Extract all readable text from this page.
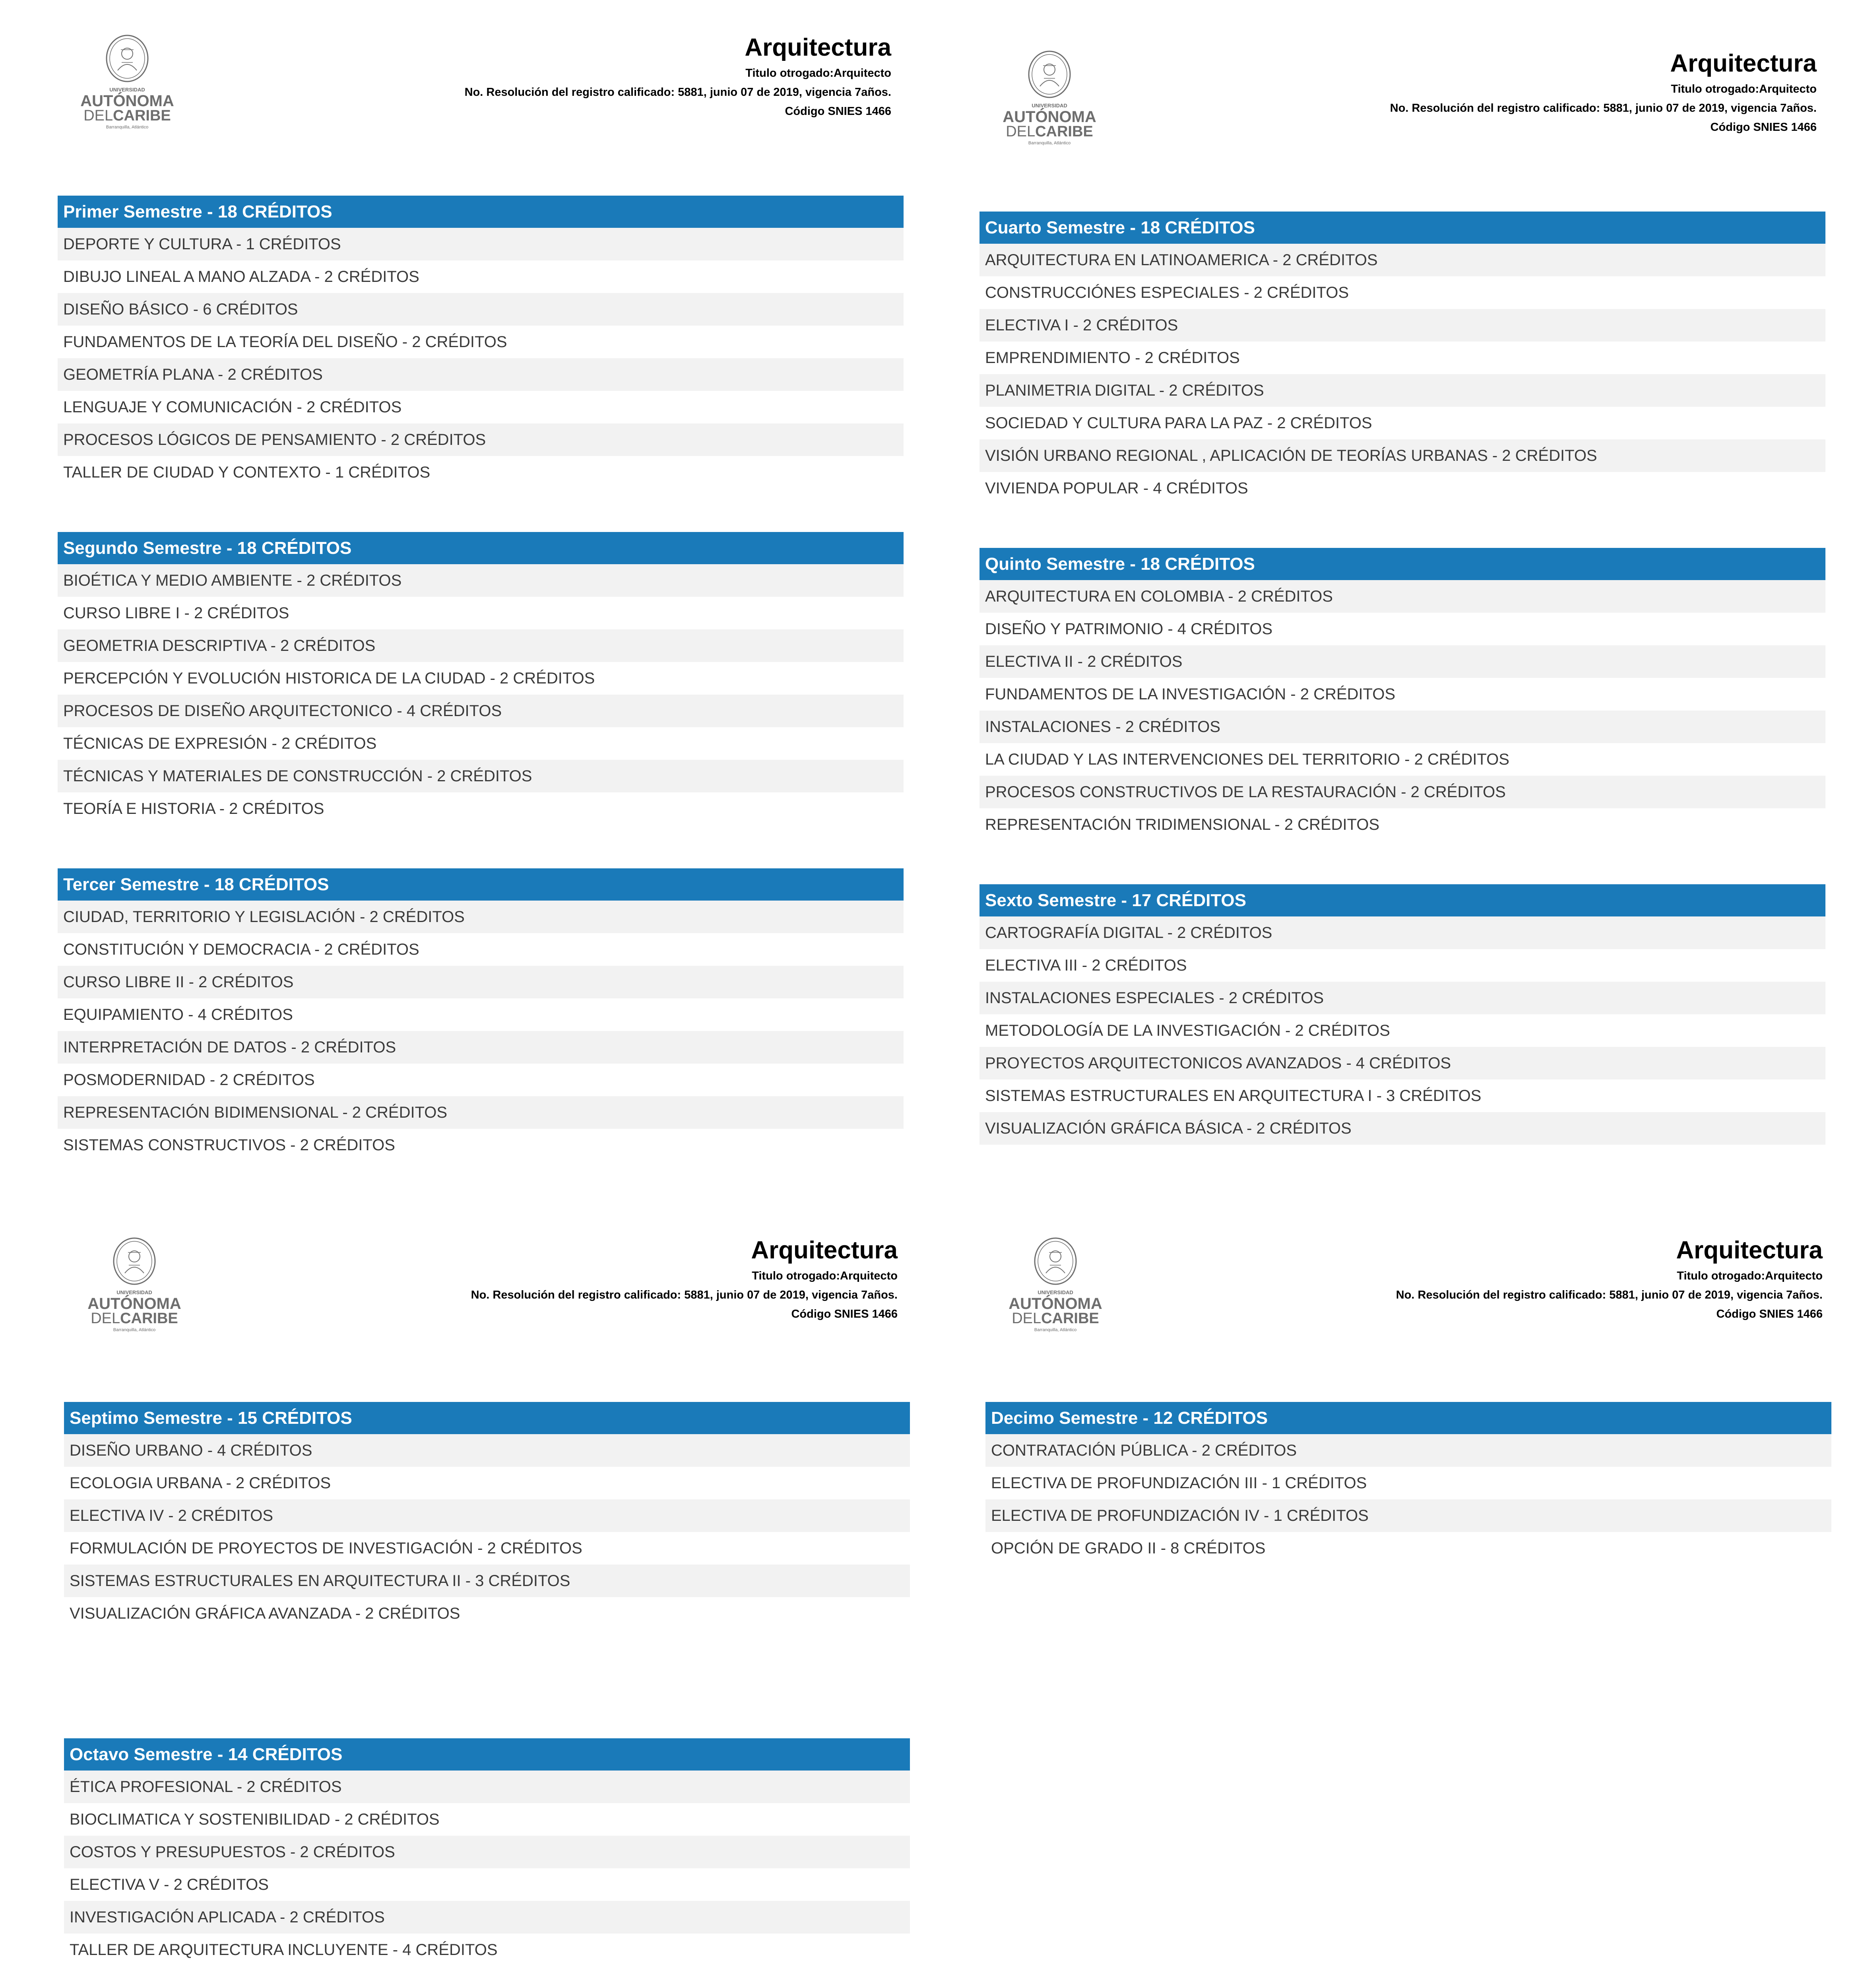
UNIVERSIDAD
AUTÓNOMA
DELCARIBE
Barranquilla, Atlántico
Arquitectura
Titulo otrogado:Arquitecto
No. Resolución del registro calificado: 5881, junio 07 de 2019, vigencia 7años.
Código SNIES 1466
Primer Semestre - 18 CRÉDITOS
DEPORTE Y CULTURA - 1 CRÉDITOS
DIBUJO LINEAL A MANO ALZADA - 2 CRÉDITOS
DISEÑO BÁSICO - 6 CRÉDITOS
FUNDAMENTOS DE LA TEORÍA DEL DISEÑO - 2 CRÉDITOS
GEOMETRÍA PLANA - 2 CRÉDITOS
LENGUAJE Y COMUNICACIÓN - 2 CRÉDITOS
PROCESOS LÓGICOS DE PENSAMIENTO - 2 CRÉDITOS
TALLER DE CIUDAD Y CONTEXTO - 1 CRÉDITOS
Segundo Semestre - 18 CRÉDITOS
BIOÉTICA Y MEDIO AMBIENTE - 2 CRÉDITOS
CURSO LIBRE I - 2 CRÉDITOS
GEOMETRIA DESCRIPTIVA - 2 CRÉDITOS
PERCEPCIÓN Y EVOLUCIÓN HISTORICA DE LA CIUDAD - 2 CRÉDITOS
PROCESOS DE DISEÑO ARQUITECTONICO - 4 CRÉDITOS
TÉCNICAS DE EXPRESIÓN - 2 CRÉDITOS
TÉCNICAS Y MATERIALES DE CONSTRUCCIÓN - 2 CRÉDITOS
TEORÍA E HISTORIA - 2 CRÉDITOS
Tercer Semestre - 18 CRÉDITOS
CIUDAD, TERRITORIO Y LEGISLACIÓN - 2 CRÉDITOS
CONSTITUCIÓN Y DEMOCRACIA - 2 CRÉDITOS
CURSO LIBRE II - 2 CRÉDITOS
EQUIPAMIENTO - 4 CRÉDITOS
INTERPRETACIÓN DE DATOS - 2 CRÉDITOS
POSMODERNIDAD - 2 CRÉDITOS
REPRESENTACIÓN BIDIMENSIONAL - 2 CRÉDITOS
SISTEMAS CONSTRUCTIVOS - 2 CRÉDITOS
UNIVERSIDAD
AUTÓNOMA
DELCARIBE
Barranquilla, Atlántico
Arquitectura
Titulo otrogado:Arquitecto
No. Resolución del registro calificado: 5881, junio 07 de 2019, vigencia 7años.
Código SNIES 1466
Cuarto Semestre - 18 CRÉDITOS
ARQUITECTURA EN LATINOAMERICA - 2 CRÉDITOS
CONSTRUCCIÓNES ESPECIALES - 2 CRÉDITOS
ELECTIVA I - 2 CRÉDITOS
EMPRENDIMIENTO - 2 CRÉDITOS
PLANIMETRIA DIGITAL - 2 CRÉDITOS
SOCIEDAD Y CULTURA PARA LA PAZ - 2 CRÉDITOS
VISIÓN URBANO REGIONAL , APLICACIÓN DE TEORÍAS URBANAS - 2 CRÉDITOS
VIVIENDA POPULAR - 4 CRÉDITOS
Quinto Semestre - 18 CRÉDITOS
ARQUITECTURA EN COLOMBIA - 2 CRÉDITOS
DISEÑO Y PATRIMONIO - 4 CRÉDITOS
ELECTIVA II - 2 CRÉDITOS
FUNDAMENTOS DE LA INVESTIGACIÓN - 2 CRÉDITOS
INSTALACIONES - 2 CRÉDITOS
LA CIUDAD Y LAS INTERVENCIONES DEL TERRITORIO - 2 CRÉDITOS
PROCESOS CONSTRUCTIVOS DE LA RESTAURACIÓN - 2 CRÉDITOS
REPRESENTACIÓN TRIDIMENSIONAL - 2 CRÉDITOS
Sexto Semestre - 17 CRÉDITOS
CARTOGRAFÍA DIGITAL - 2 CRÉDITOS
ELECTIVA III - 2 CRÉDITOS
INSTALACIONES ESPECIALES - 2 CRÉDITOS
METODOLOGÍA DE LA INVESTIGACIÓN - 2 CRÉDITOS
PROYECTOS ARQUITECTONICOS AVANZADOS - 4 CRÉDITOS
SISTEMAS ESTRUCTURALES EN ARQUITECTURA I - 3 CRÉDITOS
VISUALIZACIÓN GRÁFICA BÁSICA - 2 CRÉDITOS
UNIVERSIDAD
AUTÓNOMA
DELCARIBE
Barranquilla, Atlántico
Arquitectura
Titulo otrogado:Arquitecto
No. Resolución del registro calificado: 5881, junio 07 de 2019, vigencia 7años.
Código SNIES 1466
Septimo Semestre - 15 CRÉDITOS
DISEÑO URBANO - 4 CRÉDITOS
ECOLOGIA URBANA - 2 CRÉDITOS
ELECTIVA IV - 2 CRÉDITOS
FORMULACIÓN DE PROYECTOS DE INVESTIGACIÓN - 2 CRÉDITOS
SISTEMAS ESTRUCTURALES EN ARQUITECTURA II - 3 CRÉDITOS
VISUALIZACIÓN GRÁFICA AVANZADA - 2 CRÉDITOS
Octavo Semestre - 14 CRÉDITOS
ÉTICA PROFESIONAL - 2 CRÉDITOS
BIOCLIMATICA Y SOSTENIBILIDAD - 2 CRÉDITOS
COSTOS Y PRESUPUESTOS - 2 CRÉDITOS
ELECTIVA V - 2 CRÉDITOS
INVESTIGACIÓN APLICADA - 2 CRÉDITOS
TALLER DE ARQUITECTURA INCLUYENTE - 4 CRÉDITOS
UNIVERSIDAD
AUTÓNOMA
DELCARIBE
Barranquilla, Atlántico
Arquitectura
Titulo otrogado:Arquitecto
No. Resolución del registro calificado: 5881, junio 07 de 2019, vigencia 7años.
Código SNIES 1466
Decimo Semestre - 12 CRÉDITOS
CONTRATACIÓN PÚBLICA - 2 CRÉDITOS
ELECTIVA DE PROFUNDIZACIÓN III - 1 CRÉDITOS
ELECTIVA DE PROFUNDIZACIÓN IV - 1 CRÉDITOS
OPCIÓN DE GRADO II - 8 CRÉDITOS
